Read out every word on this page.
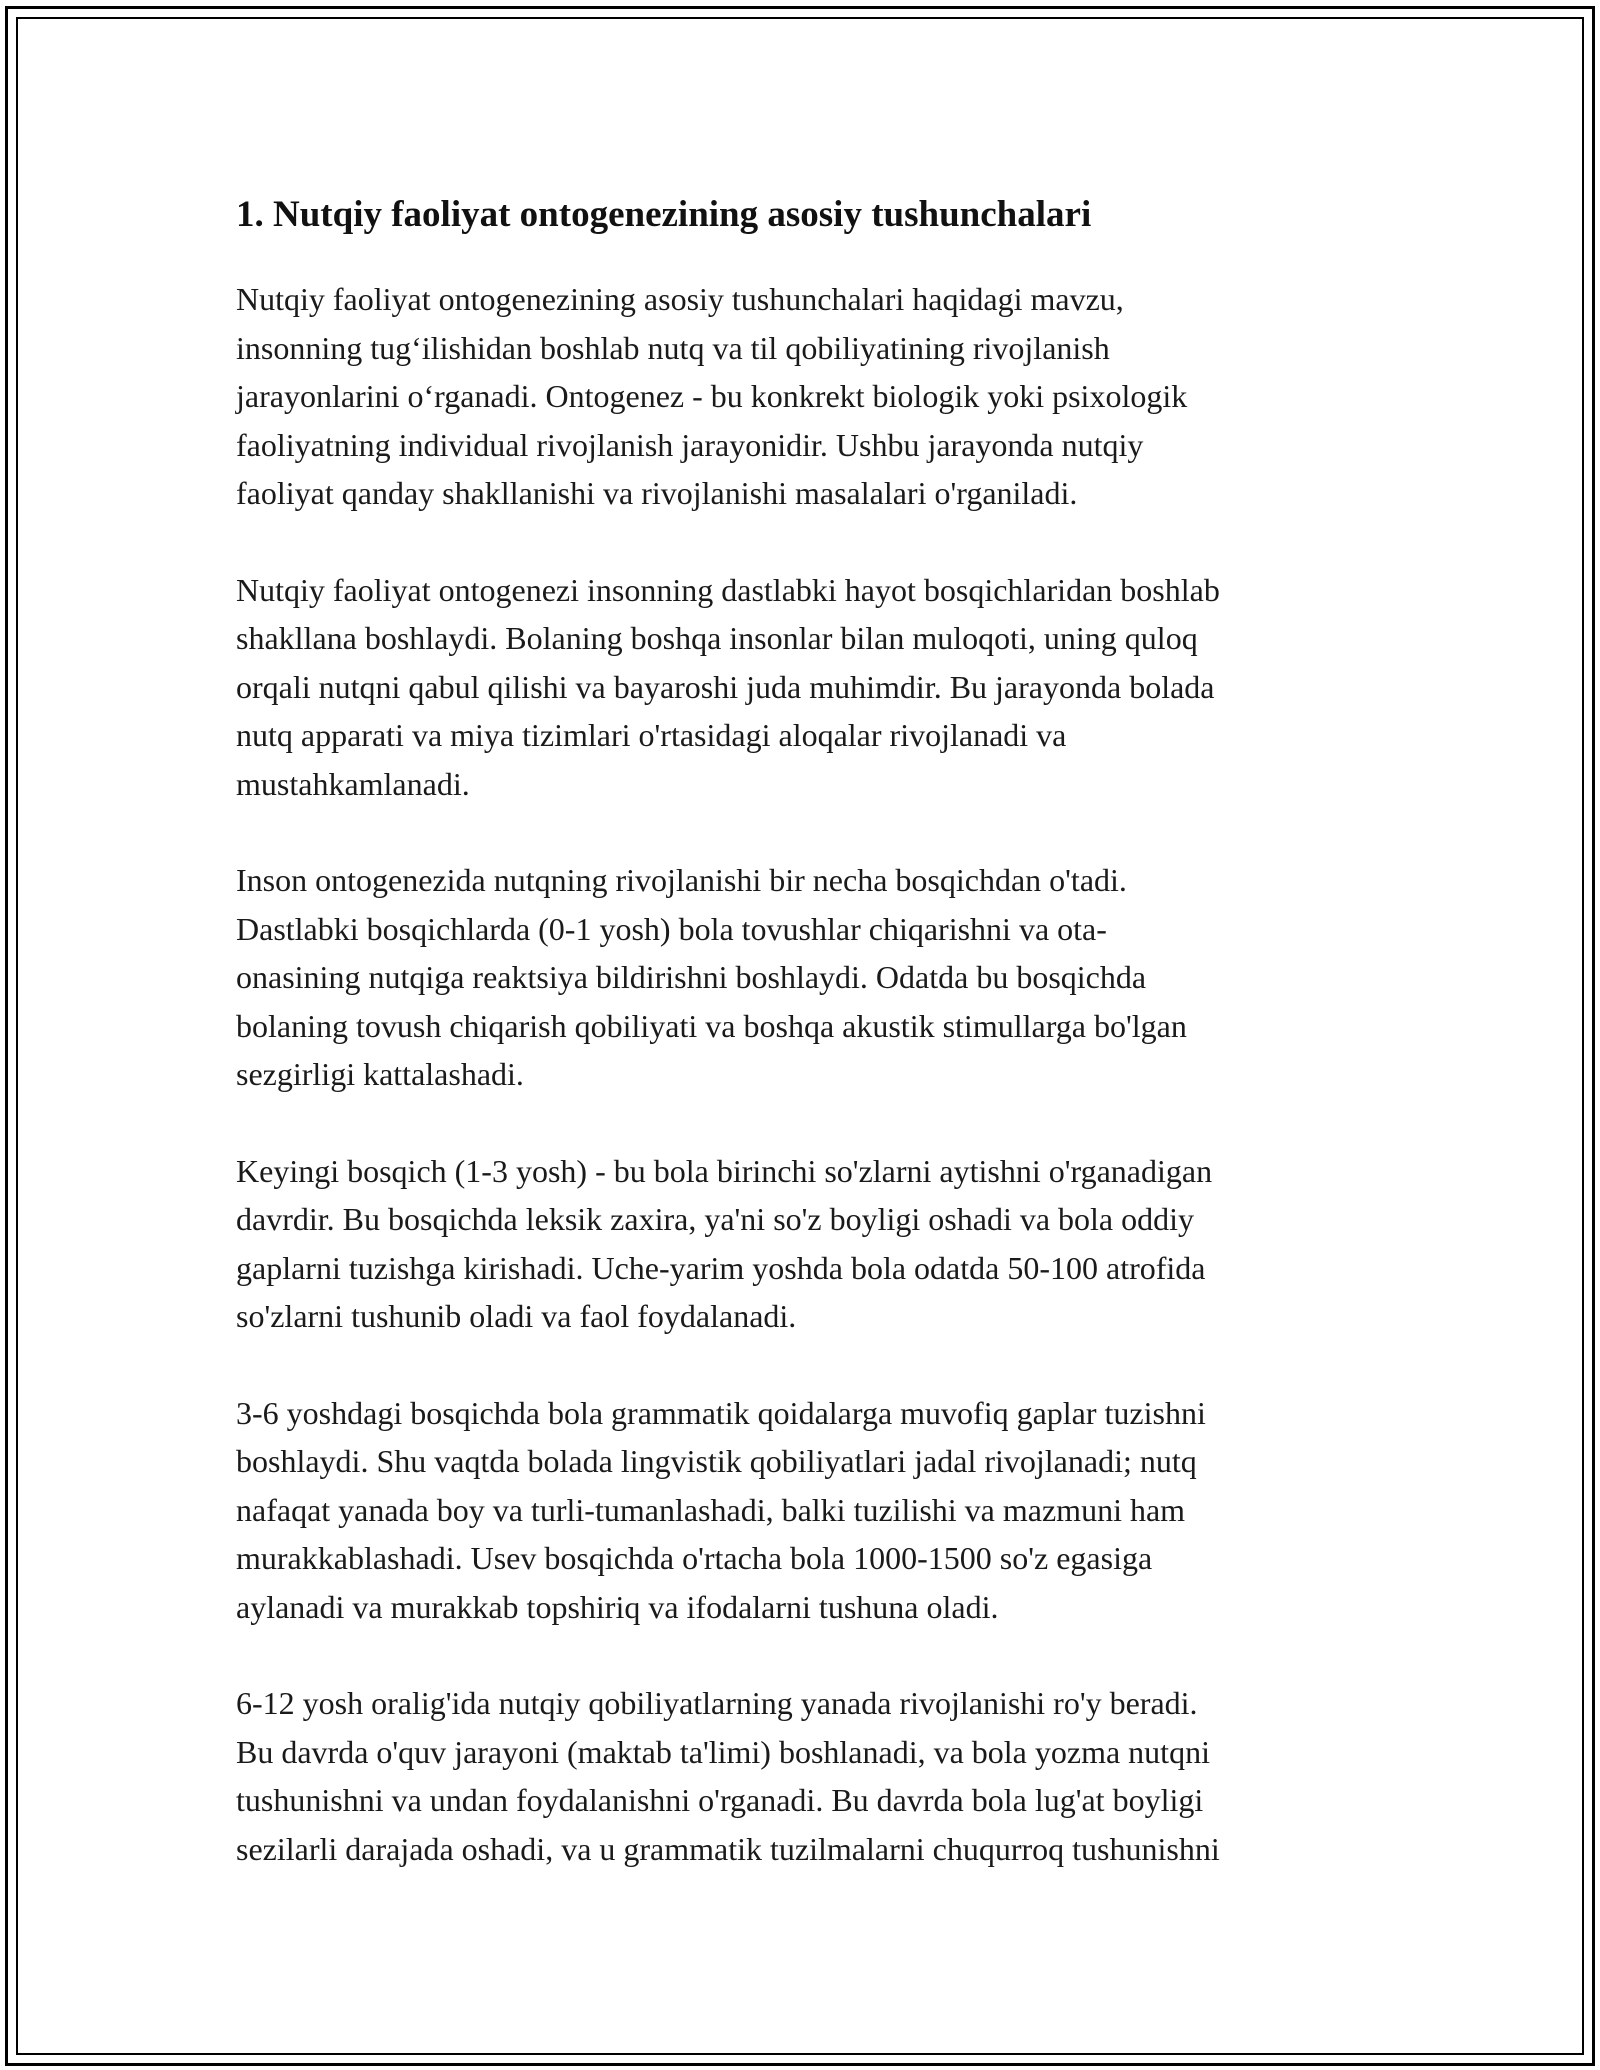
1. Nutqiy faoliyat ontogenezining asosiy tushunchalari

Nutqiy faoliyat ontogenezining asosiy tushunchalari haqidagi mavzu,
insonning tug‘ilishidan boshlab nutq va til qobiliyatining rivojlanish
jarayonlarini o‘rganadi. Ontogenez - bu konkrekt biologik yoki psixologik
faoliyatning individual rivojlanish jarayonidir. Ushbu jarayonda nutqiy
faoliyat qanday shakllanishi va rivojlanishi masalalari o'rganiladi.

Nutqiy faoliyat ontogenezi insonning dastlabki hayot bosqichlaridan boshlab
shakllana boshlaydi. Bolaning boshqa insonlar bilan muloqoti, uning quloq
orqali nutqni qabul qilishi va bayaroshi juda muhimdir. Bu jarayonda bolada
nutq apparati va miya tizimlari o'rtasidagi aloqalar rivojlanadi va
mustahkamlanadi.

Inson ontogenezida nutqning rivojlanishi bir necha bosqichdan o'tadi.
Dastlabki bosqichlarda (0-1 yosh) bola tovushlar chiqarishni va ota-
onasining nutqiga reaktsiya bildirishni boshlaydi. Odatda bu bosqichda
bolaning tovush chiqarish qobiliyati va boshqa akustik stimullarga bo'lgan
sezgirligi kattalashadi.

Keyingi bosqich (1-3 yosh) - bu bola birinchi so'zlarni aytishni o'rganadigan
davrdir. Bu bosqichda leksik zaxira, ya'ni so'z boyligi oshadi va bola oddiy
gaplarni tuzishga kirishadi. Uche-yarim yoshda bola odatda 50-100 atrofida
so'zlarni tushunib oladi va faol foydalanadi.

3-6 yoshdagi bosqichda bola grammatik qoidalarga muvofiq gaplar tuzishni
boshlaydi. Shu vaqtda bolada lingvistik qobiliyatlari jadal rivojlanadi; nutq
nafaqat yanada boy va turli-tumanlashadi, balki tuzilishi va mazmuni ham
murakkablashadi. Usev bosqichda o'rtacha bola 1000-1500 so'z egasiga
aylanadi va murakkab topshiriq va ifodalarni tushuna oladi.

6-12 yosh oralig'ida nutqiy qobiliyatlarning yanada rivojlanishi ro'y beradi.
Bu davrda o'quv jarayoni (maktab ta'limi) boshlanadi, va bola yozma nutqni
tushunishni va undan foydalanishni o'rganadi. Bu davrda bola lug'at boyligi
sezilarli darajada oshadi, va u grammatik tuzilmalarni chuqurroq tushunishni
